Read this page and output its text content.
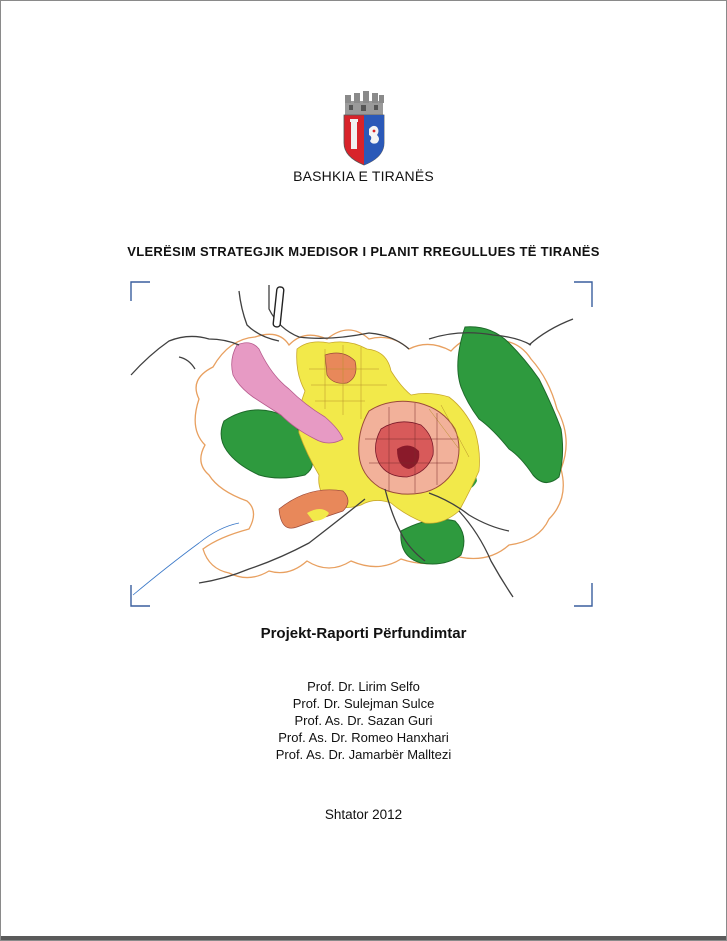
BASHKIA E TIRANËS
VLERËSIM STRATEGJIK MJEDISOR I PLANIT RREGULLUES TË TIRANËS
Projekt-Raporti Përfundimtar
Prof. Dr. Lirim Selfo
Prof. Dr. Sulejman Sulce
Prof. As. Dr. Sazan Guri
Prof. As. Dr. Romeo Hanxhari
Prof. As. Dr. Jamarbër Malltezi
Shtator 2012
